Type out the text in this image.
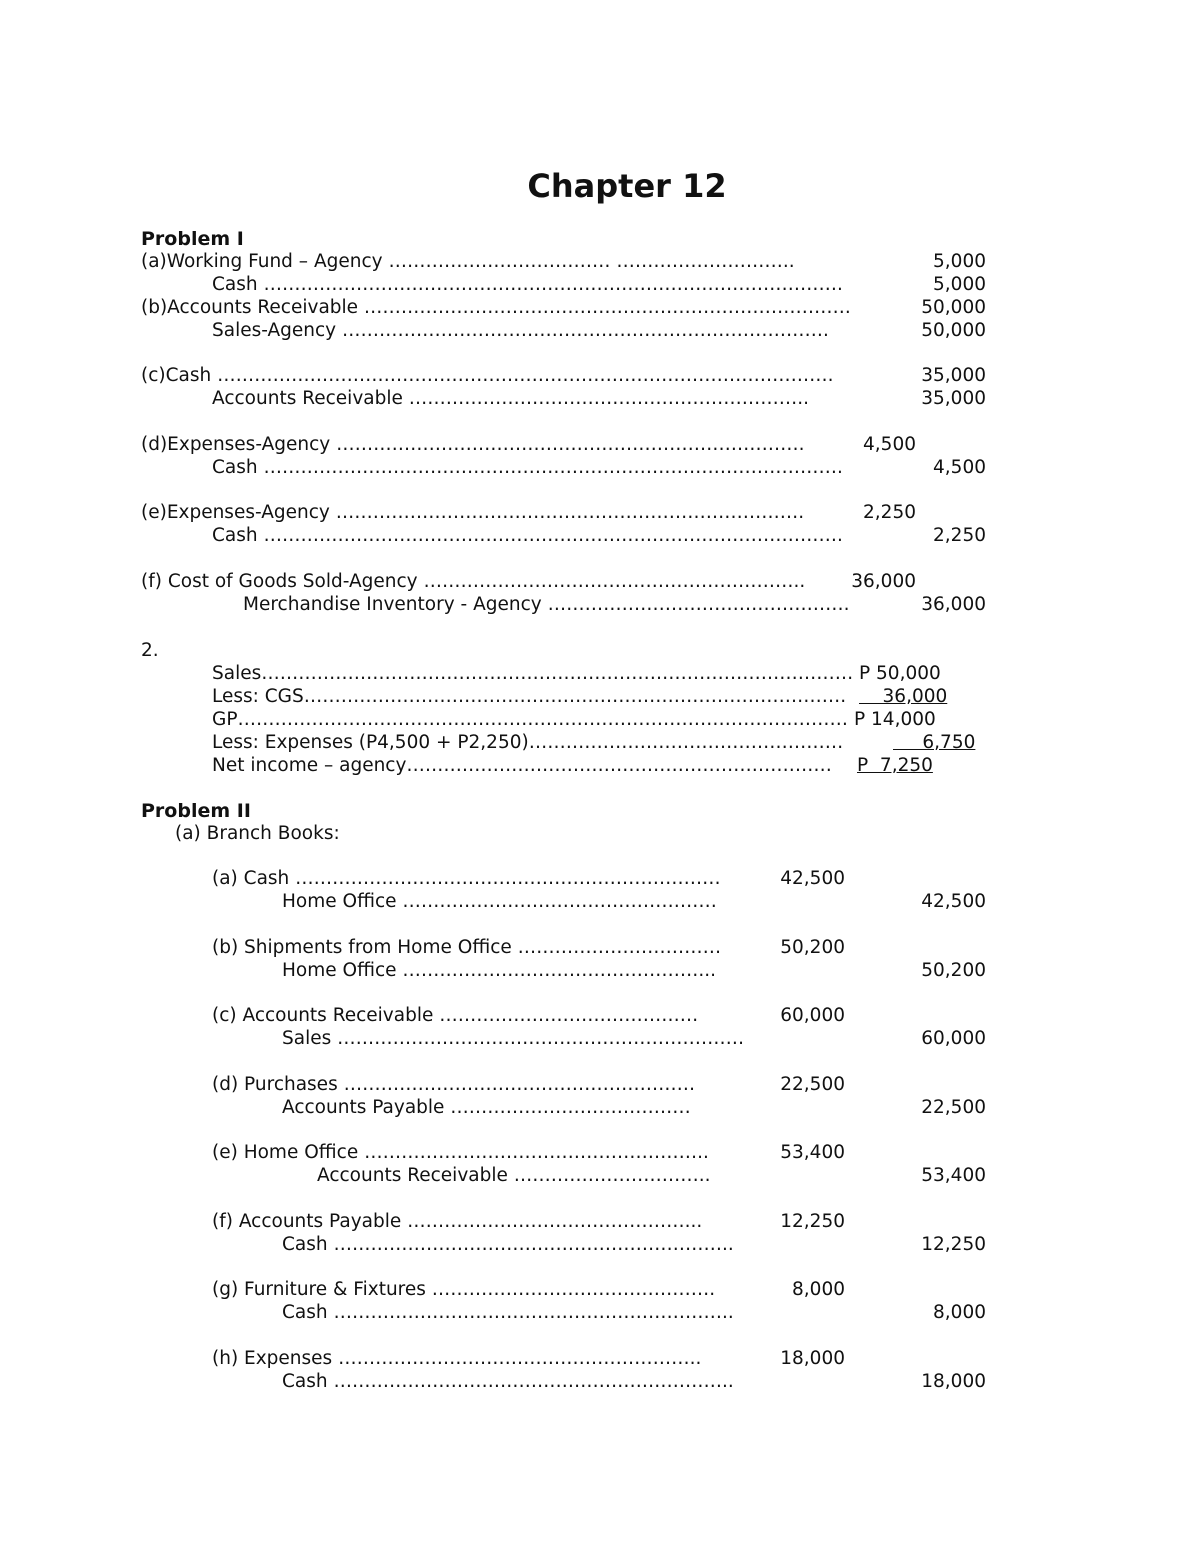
Chapter 12
Problem I
(a)Working Fund – Agency ……………………………… ………………………..	5,000
Cash ………………………………………………………………………………….	5,000
(b)Accounts Receivable …………………………………………………………………….	50,000
Sales-Agency …………………………………………………………………….	50,000
(c)Cash ……………………………………………………………………………………….	35,000
Accounts Receivable ………………………………………………………..	35,000
(d)Expenses-Agency ………………………………………………………………….	4,500
Cash ………………………………………………………………………………….	4,500
(e)Expenses-Agency ………………………………………………………………….	2,250
Cash ………………………………………………………………………………….	2,250
(f) Cost of Goods Sold-Agency …………………………………………………….. 36,000
Merchandise Inventory - Agency ………………………………………….	36,000
2.
Sales…………………………………………………………………………………… P 50,000
Less: CGS……………………………………………………………………………. 36,000
GP……………………………………………………………………………………… P 14,000
Less: Expenses (P4,500 + P2,250)……………………………………………	6,750
Net income – agency…………………………………………………………… P  7,250
Problem II
(a) Branch Books:
(a) Cash ……………………………………………………………	42,500
Home Office ……………………………………………	42,500
(b) Shipments from Home Office ……………………………	50,200
Home Office …………………………………………...	50,200
(c) Accounts Receivable ……………………………………	60,000
Sales …………………………………………………………	60,000
(d) Purchases …………………………………………………	22,500
Accounts Payable …………………………………	22,500
(e) Home Office ………………………………………………..	53,400
Accounts Receivable …………………………..	53,400
(f) Accounts Payable ………………………………………...	12,250
Cash ………………………………………………………..	12,250
(g) Furniture & Fixtures ……………………………………….	8,000
Cash ………………………………………………………..	8,000
(h) Expenses …………………………………………………..	18,000
Cash ………………………………………………………..	18,000
